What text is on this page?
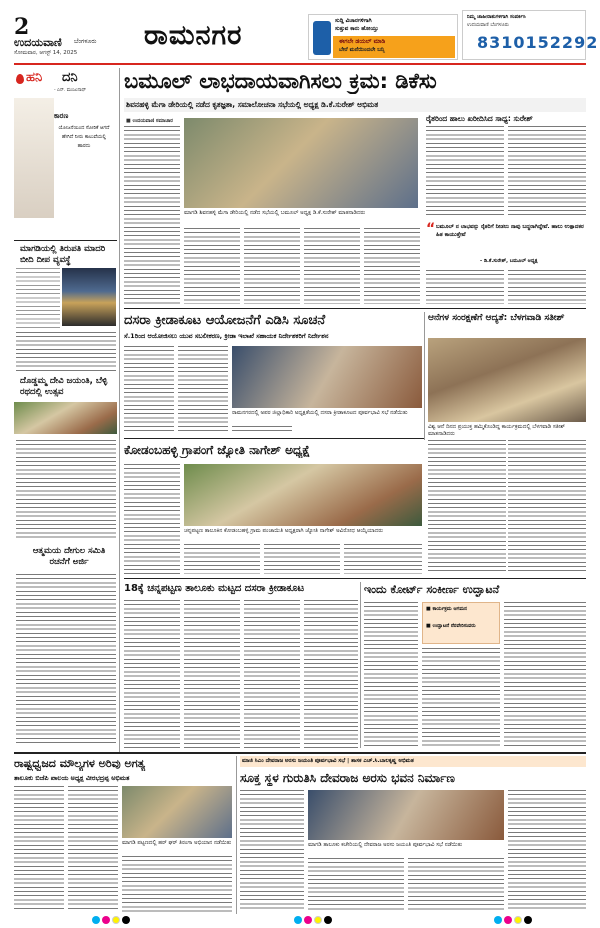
2
ಉದಯವಾಣಿ ಬೆಂಗಳೂರು
ಸೋಮವಾರ, ಆಗಸ್ಟ್ 14, 2025
ರಾಮನಗರ	ಸುದ್ದಿ ವಿಚಾರಗಳಿಗಾಗಿ
ಸುತ್ತುವ ಕಾರು ಹೋಯ್ತು
ಈಗಲೇ ಡಯಲ್ ಮಾಡಿ
ಬೇರೆ ಮನೆಯಿಂದಲೇ ಬನ್ನಿ
ನಿಮ್ಮ ಜಾಹೀರಾತುಗಳಿಗಾಗಿ ಸಂಪರ್ಕಿಸಿ
ಉದಯವಾಣಿ ಬೆಂಗಳೂರು
8310152292
ಹನಿ ದನಿ
- ಎನ್. ಮಂಜುನಾಥ್
ಕಾರಣ
ಯೋಜನೆಯಿಂದ ಸೋರಿಕೆ ಆಗದೆ ಹೇಗಿದೆ ನೀರು ಕಾಲುವೆಯಲ್ಲಿ ಹಾರದು
ಮಾಗಡಿಯಲ್ಲಿ ತಿರುಪತಿ ಮಾದರಿ ಬೀದಿ ದೀಪ ವ್ಯವಸ್ಥೆ
ದೊಡ್ಡಮ್ಮ ದೇವಿ ಜಯಂತಿ, ಬೆಳ್ಳಿ ರಥದಲ್ಲಿ ಉತ್ಸವ
ಆತ್ಮಮಯ ದೇಗುಲ ಸಮಿತಿ ರಚನೆಗೆ ಅರ್ಜಿ
ಬಮೂಲ್ ಲಾಭದಾಯವಾಗಿಸಲು ಕ್ರಮ: ಡಿಕೆಸು
ಶಿವನಹಳ್ಳಿ ಮೆಗಾ ಡೇರಿಯಲ್ಲಿ ನಡೆದ ಕೃತಜ್ಞತಾ, ಸಮಾಲೋಚನಾ ಸಭೆಯಲ್ಲಿ ಅಧ್ಯಕ್ಷ ಡಿ.ಕೆ.ಸುರೇಶ್ ಅಭಿಮತ
■ ಉದಯವಾಣಿ ಸಮಾಚಾರ
ಮಾಗಡಿ ಶಿವನಹಳ್ಳಿ ಮೆಗಾ ಡೇರಿಯಲ್ಲಿ ನಡೆದ ಸಭೆಯಲ್ಲಿ ಬಮೂಲ್ ಅಧ್ಯಕ್ಷ ಡಿ.ಕೆ.ಸುರೇಶ್ ಮಾತನಾಡಿದರು
ರೈತರಿಂದ ಹಾಲು ಖರೀದಿಸಿದ ಸಾಧ್ಯ: ಸುರೇಶ್
“ ಬಮೂಲ್ ನ ಲಾಭವನ್ನು ರೈತರಿಗೆ ನೀಡಲು ನಾವು ಬದ್ಧರಾಗಿದ್ದೇವೆ. ಹಾಲು ಉತ್ಪಾದಕರ ಹಿತ ಕಾಯುತ್ತೇವೆ
- ಡಿ.ಕೆ.ಸುರೇಶ್, ಬಮೂಲ್ ಅಧ್ಯಕ್ಷ
ದಸರಾ ಕ್ರೀಡಾಕೂಟ ಆಯೋಜನೆಗೆ ಎಡಿಸಿ ಸೂಚನೆ
ಸೆ.1ರಿಂದ ಆಯೋಜಿಸಲು ಯುವ ಸಬಲೀಕರಣ, ಕ್ರೀಡಾ ಇಲಾಖೆ ಸಹಾಯಕ ನಿರ್ದೇಶಕರಿಗೆ ನಿರ್ದೇಶನ
ರಾಮನಗರದಲ್ಲಿ ಅಪರ ಜಿಲ್ಲಾಧಿಕಾರಿ ಅಧ್ಯಕ್ಷತೆಯಲ್ಲಿ ದಸರಾ ಕ್ರೀಡಾಕೂಟದ ಪೂರ್ವಭಾವಿ ಸಭೆ ನಡೆಯಿತು
ಆನೆಗಳ ಸಂರಕ್ಷಣೆಗೆ ಆದ್ಯತೆ: ಬೆಳಗವಾಡಿ ಸತೀಶ್
ವಿಶ್ವ ಆನೆ ದಿನದ ಪ್ರಯುಕ್ತ ಹಮ್ಮಿಕೊಂಡಿದ್ದ ಕಾರ್ಯಕ್ರಮದಲ್ಲಿ ಬೆಳಗವಾಡಿ ಸತೀಶ್ ಮಾತನಾಡಿದರು
ಕೋಡಂಬಹಳ್ಳಿ ಗ್ರಾಪಂಗೆ ಜ್ಯೋತಿ ನಾಗೇಶ್ ಅಧ್ಯಕ್ಷೆ
ಚನ್ನಪಟ್ಟಣ ತಾಲೂಕಿನ ಕೋಡಂಬಹಳ್ಳಿ ಗ್ರಾಮ ಪಂಚಾಯಿತಿ ಅಧ್ಯಕ್ಷರಾಗಿ ಜ್ಯೋತಿ ನಾಗೇಶ್ ಅವಿರೋಧ ಆಯ್ಕೆಯಾದರು
18ಕ್ಕೆ ಚನ್ನಪಟ್ಟಣ ತಾಲೂಕು ಮಟ್ಟದ ದಸರಾ ಕ್ರೀಡಾಕೂಟ	ಇಂದು ಕೋರ್ಟ್ ಸಂಕೀರ್ಣ ಉದ್ಘಾಟನೆ
■ ಕಾರ್ಯಕ್ರಮ ಆಗಮನ
■ ಉದ್ಘಾಟನೆ ನೆರವೇರಿಸುವರು
ರಾಷ್ಟ್ರಧ್ವಜದ ಮೌಲ್ಯಗಳ ಅರಿವು ಅಗತ್ಯ
ತಾಲೂಕು ಬಿಜೆಪಿ ಪಾಲಯ ಅಧ್ಯಕ್ಷ ವೀರಭದ್ರಪ್ಪ ಅಭಿಮತ
ಮಾಗಡಿ ಪಟ್ಟಣದಲ್ಲಿ ಹರ್ ಘರ್ ತಿರಂಗಾ ಅಭಿಯಾನ ನಡೆಯಿತು
ಮಾಜಿ ಸಿಎಂ ದೇವರಾಜ ಅರಸು ಜಯಂತಿ ಪೂರ್ವಭಾವಿ ಸಭೆ | ಶಾಸಕ ಎಚ್.ಸಿ.ಬಾಲಕೃಷ್ಣ ಅಭಿಮತ
ಸೂಕ್ತ ಸ್ಥಳ ಗುರುತಿಸಿ ದೇವರಾಜ ಅರಸು ಭವನ ನಿರ್ಮಾಣ
ಮಾಗಡಿ ತಾಲೂಕು ಕಚೇರಿಯಲ್ಲಿ ದೇವರಾಜ ಅರಸು ಜಯಂತಿ ಪೂರ್ವಭಾವಿ ಸಭೆ ನಡೆಯಿತು
